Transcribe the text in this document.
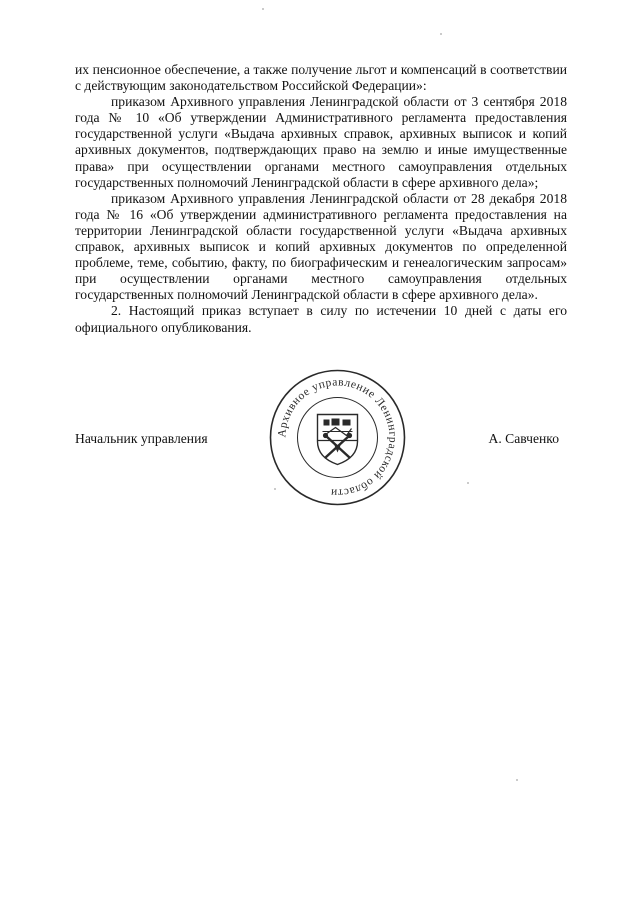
их пенсионное обеспечение, а также получение льгот и компенсаций в соответствии с действующим законодательством Российской Федерации»:

приказом Архивного управления Ленинградской области от 3 сентября 2018 года № 10 «Об утверждении Административного регламента предоставления государственной услуги «Выдача архивных справок, архивных выписок и копий архивных документов, подтверждающих право на землю и иные имущественные права» при осуществлении органами местного самоуправления отдельных государственных полномочий Ленинградской области в сфере архивного дела»;

приказом Архивного управления Ленинградской области от 28 декабря 2018 года № 16 «Об утверждении административного регламента предоставления на территории Ленинградской области государственной услуги «Выдача архивных справок, архивных выписок и копий архивных документов по определенной проблеме, теме, событию, факту, по биографическим и генеалогическим запросам» при осуществлении органами местного самоуправления отдельных государственных полномочий Ленинградской области в сфере архивного дела».

2. Настоящий приказ вступает в силу по истечении 10 дней с даты его официального опубликования.

Начальник управления	А. Савченко
Архивное управление Ленинградской области
